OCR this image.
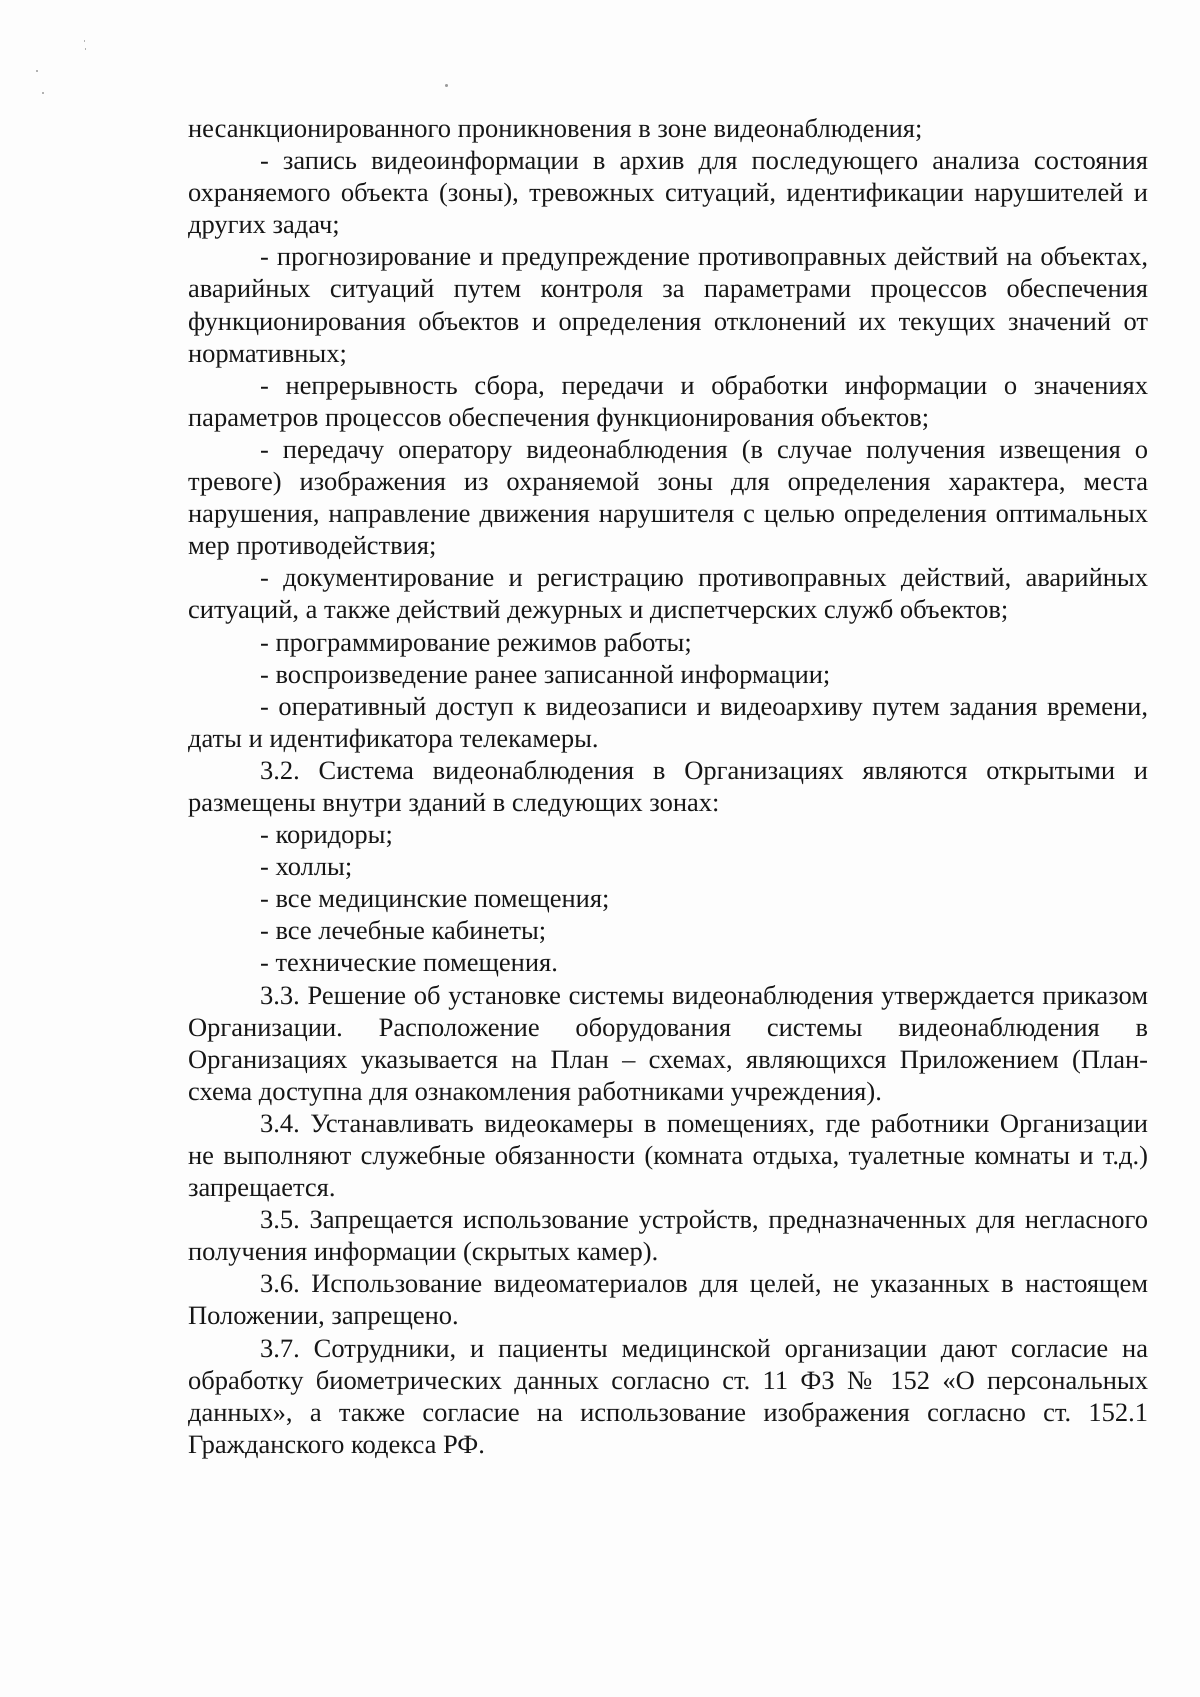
несанкционированного проникновения в зоне видеонаблюдения;

- запись видеоинформации в архив для последующего анализа состояния охраняемого объекта (зоны), тревожных ситуаций, идентификации нарушителей и других задач;

- прогнозирование и предупреждение противоправных действий на объектах, аварийных ситуаций путем контроля за параметрами процессов обеспечения функционирования объектов и определения отклонений их текущих значений от нормативных;

- непрерывность сбора, передачи и обработки информации о значениях параметров процессов обеспечения функционирования объектов;

- передачу оператору видеонаблюдения (в случае получения извещения о тревоге) изображения из охраняемой зоны для определения характера, места нарушения, направление движения нарушителя с целью определения оптимальных мер противодействия;

- документирование и регистрацию противоправных действий, аварийных ситуаций, а также действий дежурных и диспетчерских служб объектов;

- программирование режимов работы;

- воспроизведение ранее записанной информации;

- оперативный доступ к видеозаписи и видеоархиву путем задания времени, даты и идентификатора телекамеры.

3.2. Система видеонаблюдения в Организациях являются открытыми и размещены внутри зданий в следующих зонах:

- коридоры;

- холлы;

- все медицинские помещения;

- все лечебные кабинеты;

- технические помещения.

3.3. Решение об установке системы видеонаблюдения утверждается приказом Организации. Расположение оборудования системы видеонаблюдения в Организациях указывается на План – схемах, являющихся Приложением (План-схема доступна для ознакомления работниками учреждения).

3.4. Устанавливать видеокамеры в помещениях, где работники Организации не выполняют служебные обязанности (комната отдыха, туалетные комнаты и т.д.) запрещается.

3.5. Запрещается использование устройств, предназначенных для негласного получения информации (скрытых камер).

3.6. Использование видеоматериалов для целей, не указанных в настоящем Положении, запрещено.

3.7. Сотрудники, и пациенты медицинской организации дают согласие на обработку биометрических данных согласно ст. 11 ФЗ № 152 «О персональных данных», а также согласие на использование изображения согласно ст. 152.1 Гражданского кодекса РФ.
